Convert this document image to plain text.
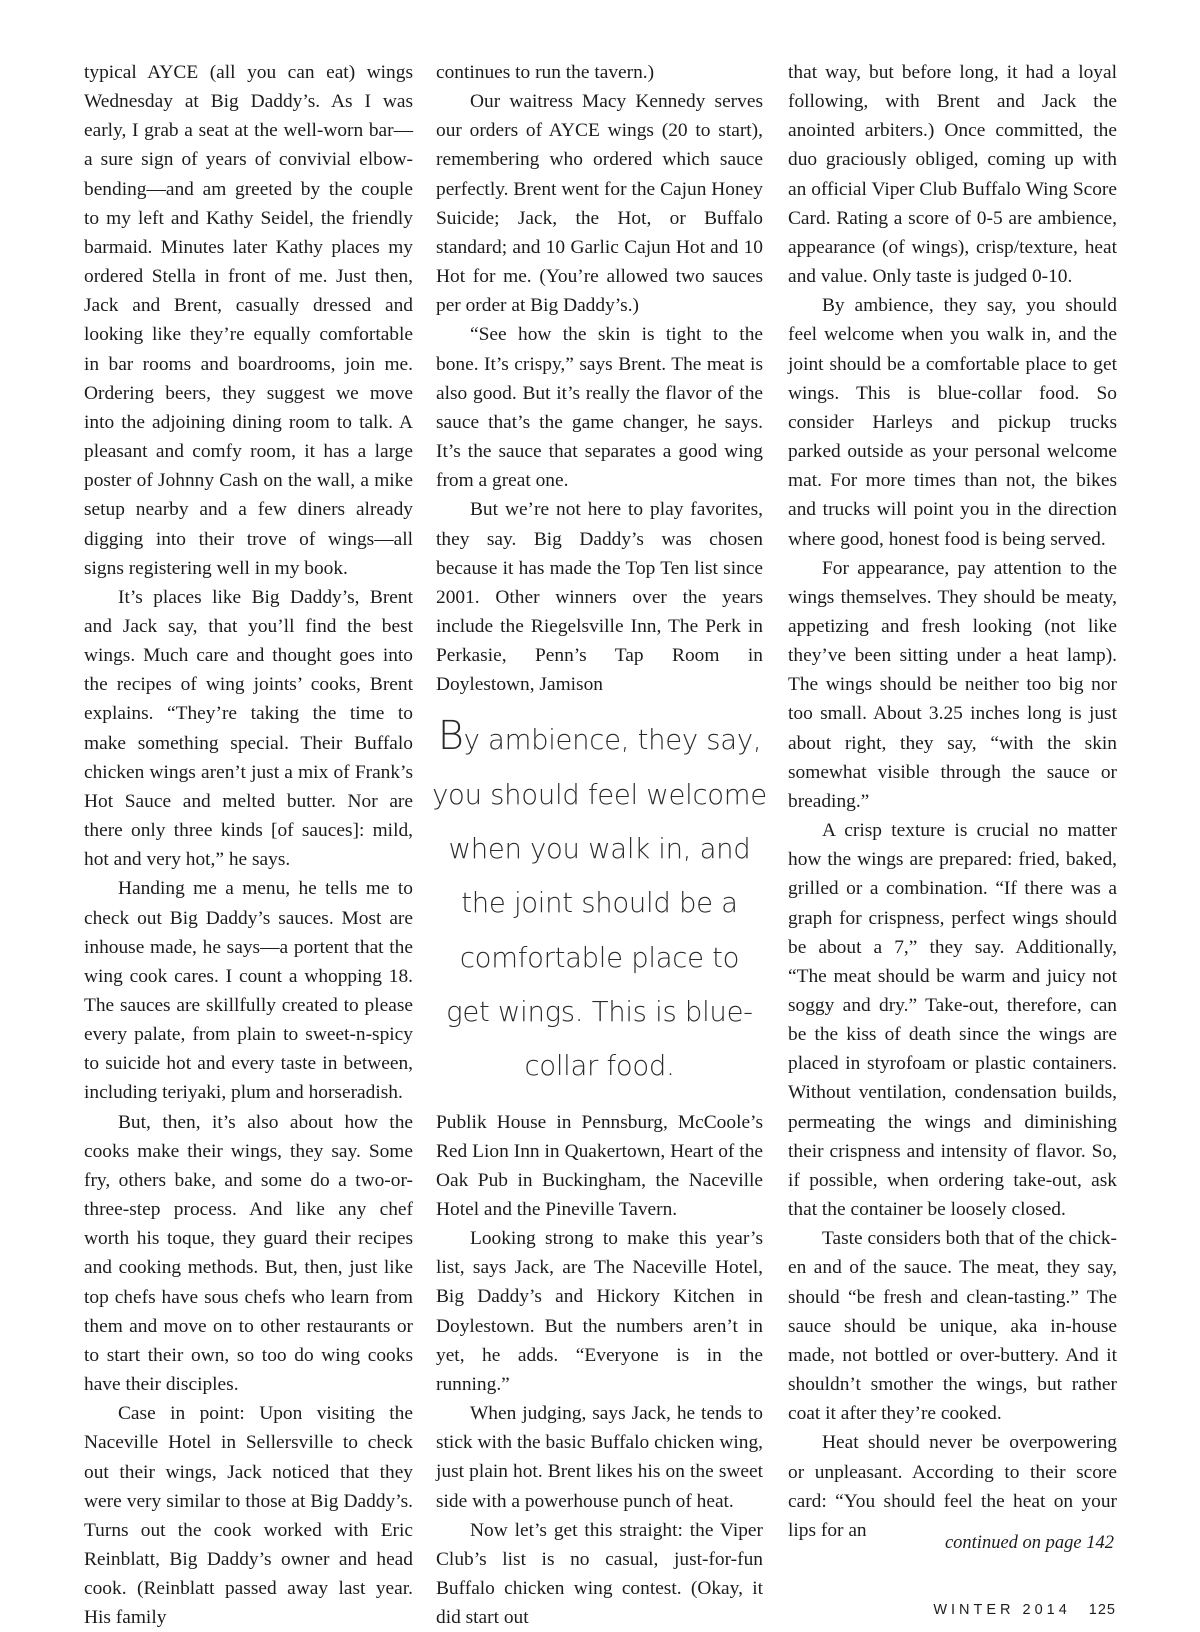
typical AYCE (all you can eat) wings Wednesday at Big Daddy’s. As I was early, I grab a seat at the well-worn bar—a sure sign of years of convivial elbow-bending—and am greeted by the couple to my left and Kathy Seidel, the friendly barmaid. Minutes later Kathy places my ordered Stella in front of me. Just then, Jack and Brent, casually dressed and looking like they’re equally comfortable in bar rooms and boardrooms, join me. Ordering beers, they suggest we move into the adjoining dining room to talk. A pleasant and comfy room, it has a large poster of Johnny Cash on the wall, a mike setup nearby and a few diners already digging into their trove of wings—all signs registering well in my book.

It’s places like Big Daddy’s, Brent and Jack say, that you’ll find the best wings. Much care and thought goes into the recipes of wing joints’ cooks, Brent explains. “They’re taking the time to make something special. Their Buffalo chicken wings aren’t just a mix of Frank’s Hot Sauce and melted butter. Nor are there only three kinds [of sauces]: mild, hot and very hot,” he says.

Handing me a menu, he tells me to check out Big Daddy’s sauces. Most are inhouse made, he says—a portent that the wing cook cares. I count a whopping 18. The sauces are skillfully created to please every palate, from plain to sweet-n-spicy to suicide hot and every taste in between, including teriyaki, plum and horseradish.

But, then, it’s also about how the cooks make their wings, they say. Some fry, others bake, and some do a two-or-three-step process. And like any chef worth his toque, they guard their recipes and cooking methods. But, then, just like top chefs have sous chefs who learn from them and move on to other restaurants or to start their own, so too do wing cooks have their disciples.

Case in point: Upon visiting the Naceville Hotel in Sellersville to check out their wings, Jack noticed that they were very similar to those at Big Daddy’s. Turns out the cook worked with Eric Reinblatt, Big Daddy’s owner and head cook. (Reinblatt passed away last year. His family

continues to run the tavern.)

Our waitress Macy Kennedy serves our orders of AYCE wings (20 to start), remembering who ordered which sauce perfectly. Brent went for the Cajun Honey Suicide; Jack, the Hot, or Buffalo standard; and 10 Garlic Cajun Hot and 10 Hot for me. (You’re allowed two sauces per order at Big Daddy’s.)

“See how the skin is tight to the bone. It’s crispy,” says Brent. The meat is also good. But it’s really the flavor of the sauce that’s the game changer, he says. It’s the sauce that separates a good wing from a great one.

But we’re not here to play favorites, they say. Big Daddy’s was chosen because it has made the Top Ten list since 2001. Other winners over the years include the Riegelsville Inn, The Perk in Perkasie, Penn’s Tap Room in Doylestown, Jamison

By ambience, they say,
you should feel welcome
when you walk in, and
the joint should be a
comfortable place to
get wings. This is blue-
collar food.

Publik House in Pennsburg, McCoole’s Red Lion Inn in Quakertown, Heart of the Oak Pub in Buckingham, the Naceville Hotel and the Pineville Tavern.

Looking strong to make this year’s list, says Jack, are The Naceville Hotel, Big Daddy’s and Hickory Kitchen in Doylestown. But the numbers aren’t in yet, he adds. “Everyone is in the running.”

When judging, says Jack, he tends to stick with the basic Buffalo chicken wing, just plain hot. Brent likes his on the sweet side with a powerhouse punch of heat.

Now let’s get this straight: the Viper Club’s list is no casual, just-for-fun Buffalo chicken wing contest. (Okay, it did start out

that way, but before long, it had a loyal following, with Brent and Jack the anointed arbiters.) Once committed, the duo graciously obliged, coming up with an official Viper Club Buffalo Wing Score Card. Rating a score of 0-5 are ambience, appearance (of wings), crisp/texture, heat and value. Only taste is judged 0-10.

By ambience, they say, you should feel welcome when you walk in, and the joint should be a comfortable place to get wings. This is blue-collar food. So consider Harleys and pickup trucks parked outside as your personal welcome mat. For more times than not, the bikes and trucks will point you in the direction where good, honest food is being served.

For appearance, pay attention to the wings themselves. They should be meaty, appetizing and fresh looking (not like they’ve been sitting under a heat lamp). The wings should be neither too big nor too small. About 3.25 inches long is just about right, they say, “with the skin somewhat visible through the sauce or breading.”

A crisp texture is crucial no matter how the wings are prepared: fried, baked, grilled or a combination. “If there was a graph for crispness, perfect wings should be about a 7,” they say. Additionally, “The meat should be warm and juicy not soggy and dry.” Take-out, therefore, can be the kiss of death since the wings are placed in styrofoam or plastic containers. Without ventilation, condensation builds, permeating the wings and diminishing their crispness and intensity of flavor. So, if possible, when ordering take-out, ask that the container be loosely closed.

Taste considers both that of the chicken and of the sauce. The meat, they say, should “be fresh and clean-tasting.” The sauce should be unique, aka in-house made, not bottled or over-buttery. And it shouldn’t smother the wings, but rather coat it after they’re cooked.

Heat should never be overpowering or unpleasant. According to their score card: “You should feel the heat on your lips for an

continued on page 142
WINTER 2014 125
